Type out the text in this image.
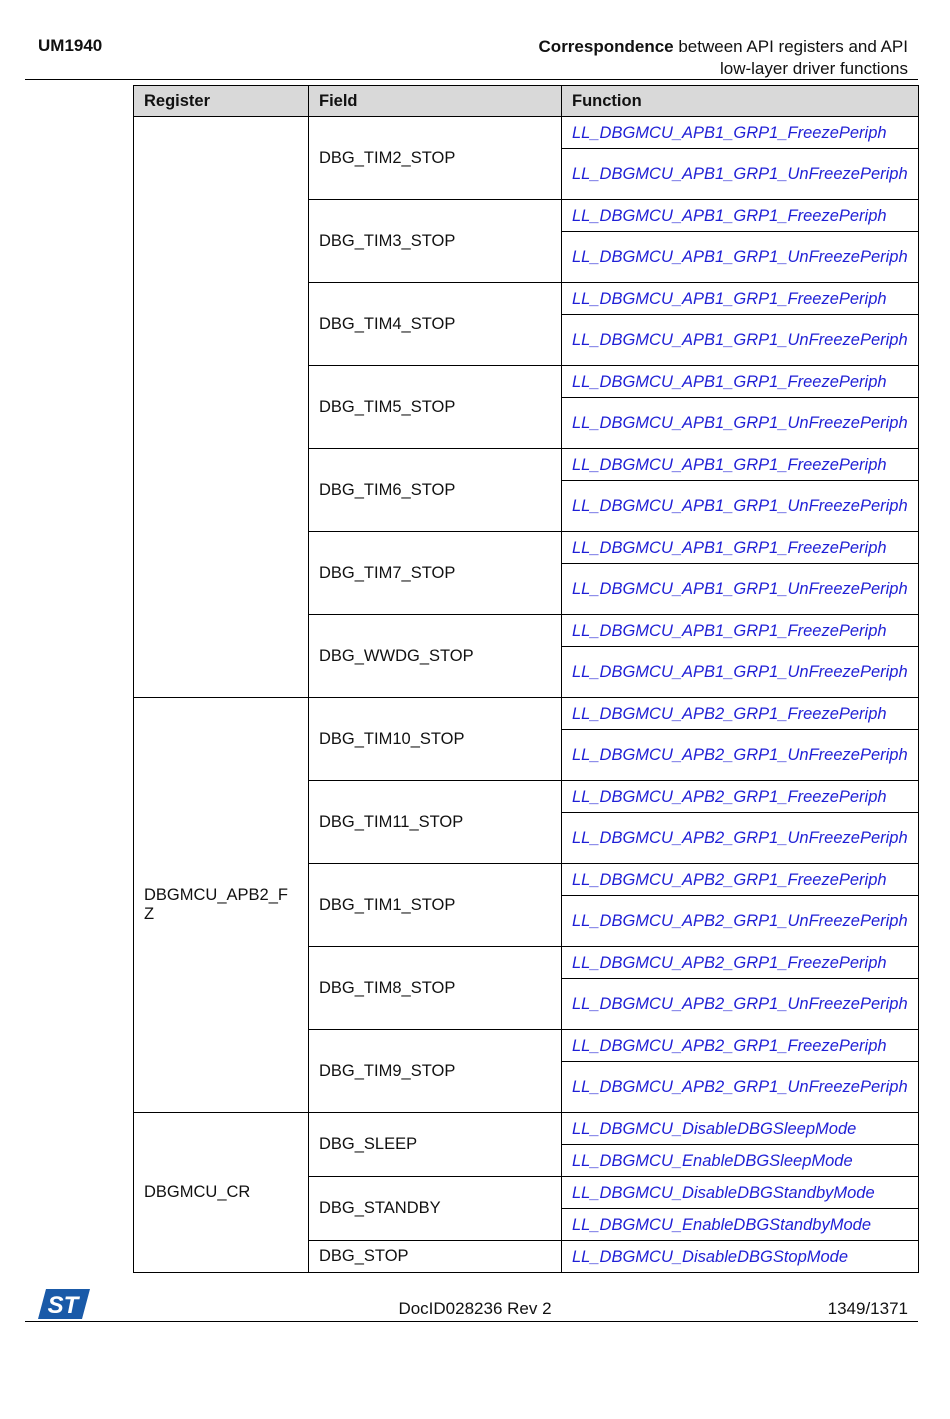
UM1940	Correspondence between API registers and API
low-layer driver functions
Register	Field	Function
	DBG_TIM2_STOP	LL_DBGMCU_APB1_GRP1_FreezePeriph
		LL_DBGMCU_APB1_GRP1_UnFreezePeriph
	DBG_TIM3_STOP	LL_DBGMCU_APB1_GRP1_FreezePeriph
		LL_DBGMCU_APB1_GRP1_UnFreezePeriph
	DBG_TIM4_STOP	LL_DBGMCU_APB1_GRP1_FreezePeriph
		LL_DBGMCU_APB1_GRP1_UnFreezePeriph
	DBG_TIM5_STOP	LL_DBGMCU_APB1_GRP1_FreezePeriph
		LL_DBGMCU_APB1_GRP1_UnFreezePeriph
	DBG_TIM6_STOP	LL_DBGMCU_APB1_GRP1_FreezePeriph
		LL_DBGMCU_APB1_GRP1_UnFreezePeriph
	DBG_TIM7_STOP	LL_DBGMCU_APB1_GRP1_FreezePeriph
		LL_DBGMCU_APB1_GRP1_UnFreezePeriph
	DBG_WWDG_STOP	LL_DBGMCU_APB1_GRP1_FreezePeriph
		LL_DBGMCU_APB1_GRP1_UnFreezePeriph
DBGMCU_APB2_FZ	DBG_TIM10_STOP	LL_DBGMCU_APB2_GRP1_FreezePeriph
		LL_DBGMCU_APB2_GRP1_UnFreezePeriph
	DBG_TIM11_STOP	LL_DBGMCU_APB2_GRP1_FreezePeriph
		LL_DBGMCU_APB2_GRP1_UnFreezePeriph
	DBG_TIM1_STOP	LL_DBGMCU_APB2_GRP1_FreezePeriph
		LL_DBGMCU_APB2_GRP1_UnFreezePeriph
	DBG_TIM8_STOP	LL_DBGMCU_APB2_GRP1_FreezePeriph
		LL_DBGMCU_APB2_GRP1_UnFreezePeriph
	DBG_TIM9_STOP	LL_DBGMCU_APB2_GRP1_FreezePeriph
		LL_DBGMCU_APB2_GRP1_UnFreezePeriph
DBGMCU_CR	DBG_SLEEP	LL_DBGMCU_DisableDBGSleepMode
		LL_DBGMCU_EnableDBGSleepMode
	DBG_STANDBY	LL_DBGMCU_DisableDBGStandbyMode
		LL_DBGMCU_EnableDBGStandbyMode
	DBG_STOP	LL_DBGMCU_DisableDBGStopMode
ST	DocID028236 Rev 2	1349/1371
